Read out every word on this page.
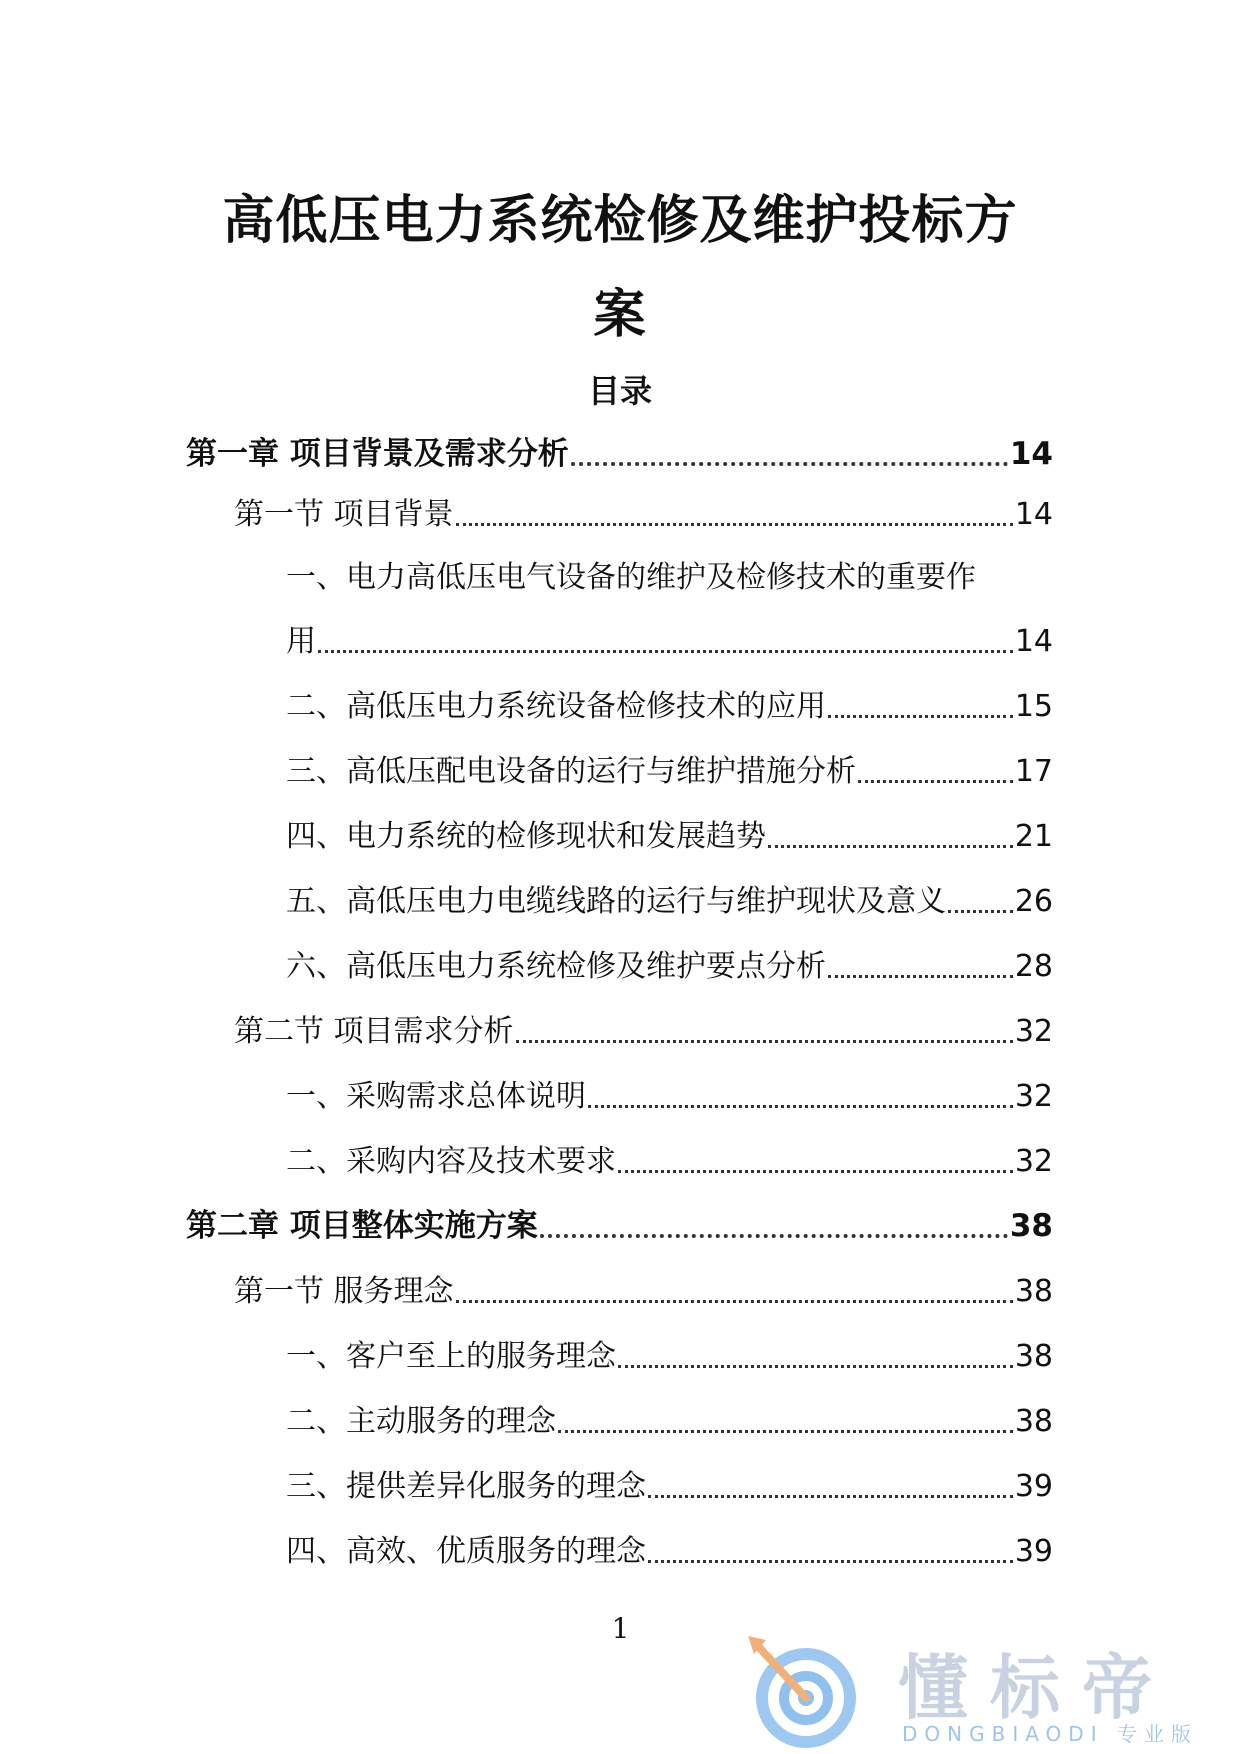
高低压电力系统检修及维护投标方
案
目录
第一章 项目背景及需求分析	14
第一节 项目背景	14
一、电力高低压电气设备的维护及检修技术的重要作
用	14
二、高低压电力系统设备检修技术的应用	15
三、高低压配电设备的运行与维护措施分析	17
四、电力系统的检修现状和发展趋势	21
五、高低压电力电缆线路的运行与维护现状及意义 26
六、高低压电力系统检修及维护要点分析	28
第二节 项目需求分析	32
一、采购需求总体说明	32
二、采购内容及技术要求	32
第二章 项目整体实施方案	38
第一节 服务理念	38
一、客户至上的服务理念	38
二、主动服务的理念	38
三、提供差异化服务的理念	39
四、高效、优质服务的理念	39
1
懂标帝
DONGBIAODI 专业版
